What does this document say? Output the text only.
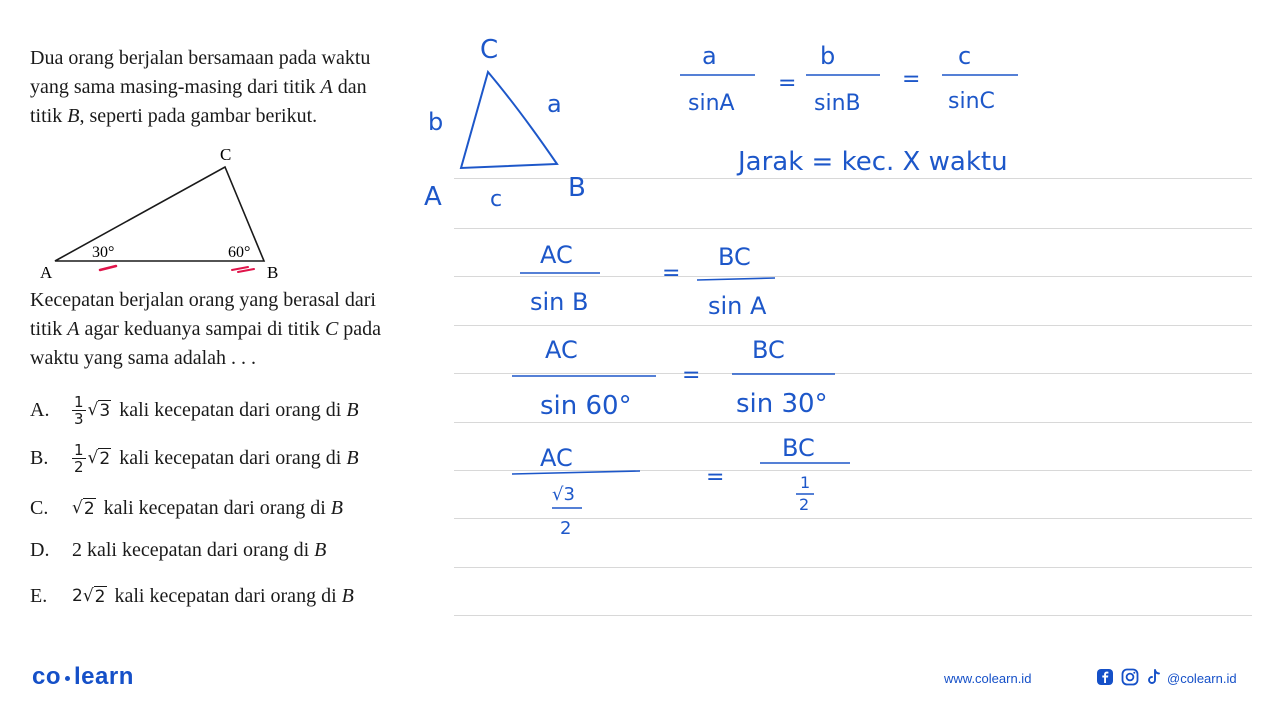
Dua orang berjalan bersamaan pada waktu

yang sama masing-masing dari titik A dan

titik B, seperti pada gambar berikut.

C
A	B
30°	60°

Kecepatan berjalan orang yang berasal dari

titik A agar keduanya sampai di titik C pada

waktu yang sama adalah . . .

A.	$\frac{1}{3}$ √ 3 kali kecepatan dari orang di
B
B.	$\frac{1}{2}$ √ 2 kali kecepatan dari orang di
B
C.	√ 2 kali kecepatan dari orang di
B
D.	2
kali kecepatan dari orang di
B
E.	2 √ 2 kali kecepatan dari orang di
B
C
a
b
A c	B
a
sinA
=
b
sinB
=
c
sinC
Jarak = kec. X waktu
AC
sin B
=
BC
sin A
AC
sin 60°
=
BC
sin 30°
AC
√3
2
=
BC
1
2
co learn	www.colearn.id	@colearn.id
